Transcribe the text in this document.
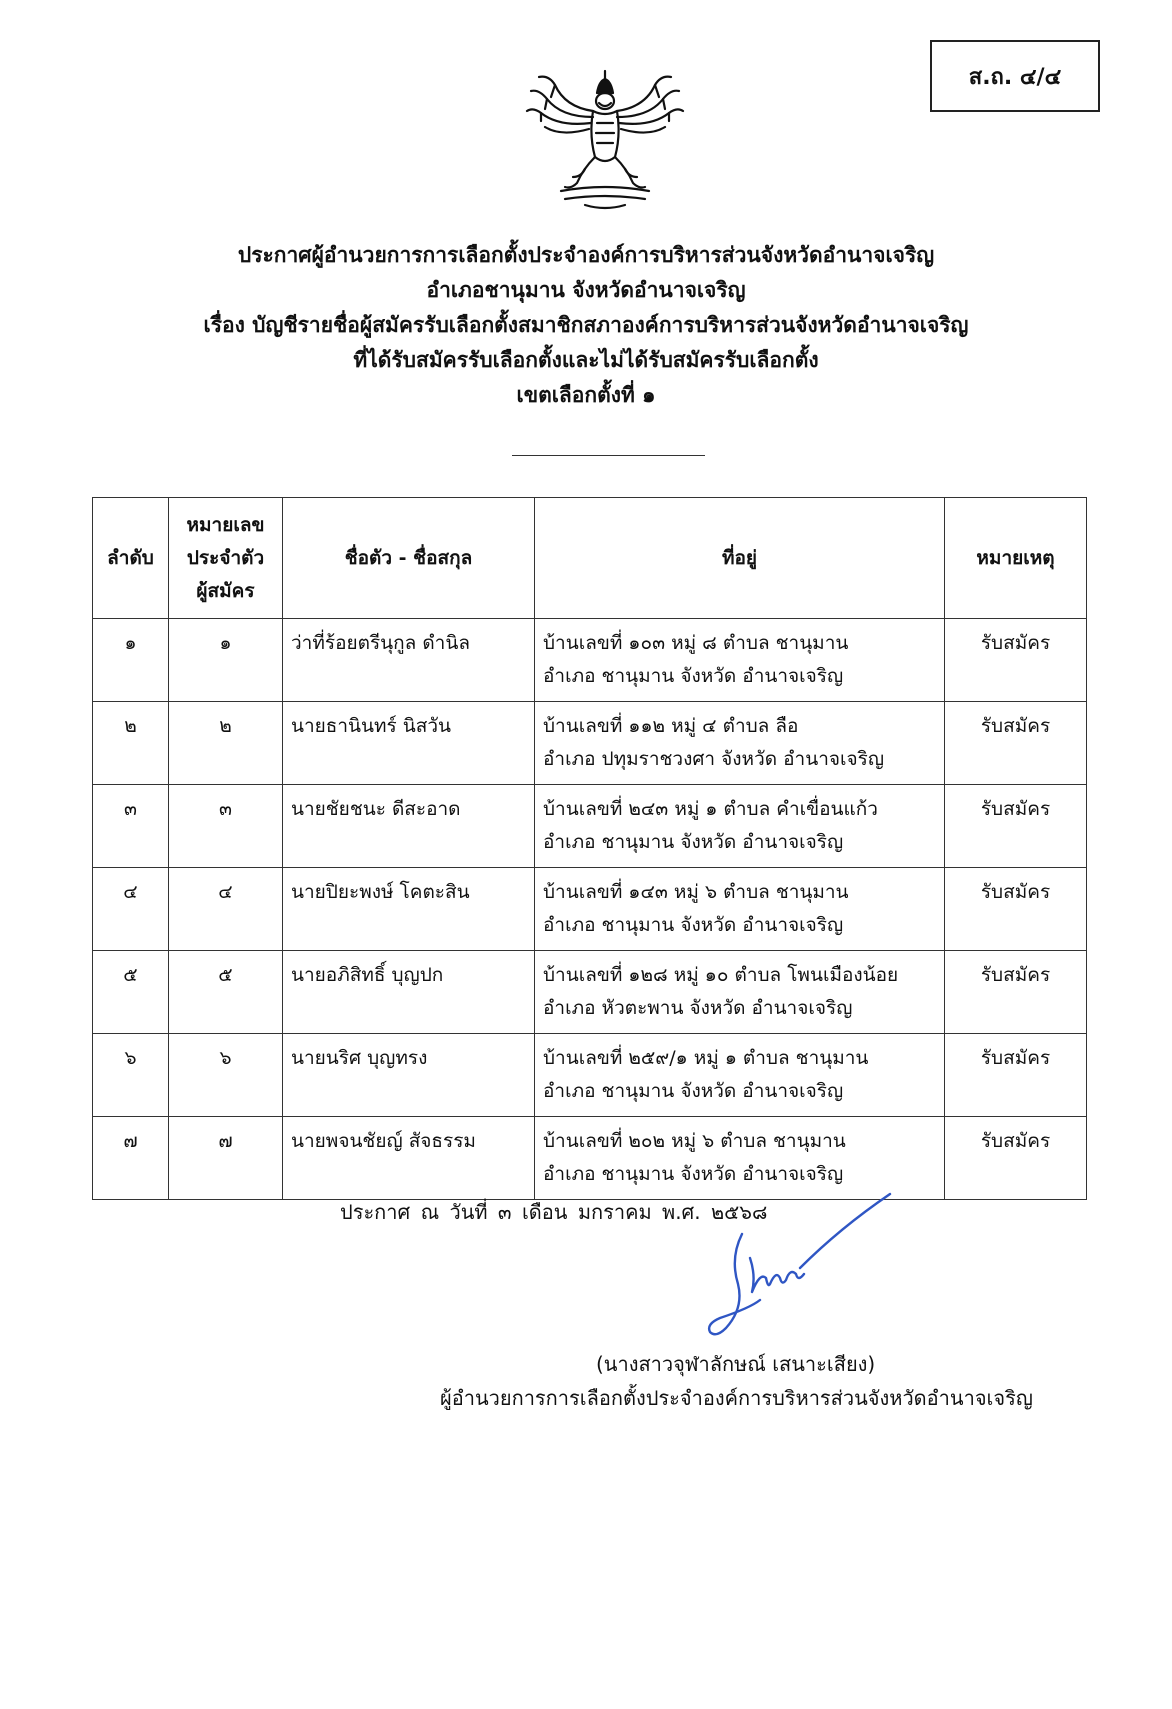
ส.ถ. ๔/๔
ประกาศผู้อำนวยการการเลือกตั้งประจำองค์การบริหารส่วนจังหวัดอำนาจเจริญ
อำเภอชานุมาน จังหวัดอำนาจเจริญ
เรื่อง บัญชีรายชื่อผู้สมัครรับเลือกตั้งสมาชิกสภาองค์การบริหารส่วนจังหวัดอำนาจเจริญ
ที่ได้รับสมัครรับเลือกตั้งและไม่ได้รับสมัครรับเลือกตั้ง
เขตเลือกตั้งที่ ๑
ลำดับ	หมายเลข
ประจำตัว
ผู้สมัคร	ชื่อตัว - ชื่อสกุล	ที่อยู่	หมายเหตุ
๑	๑	ว่าที่ร้อยตรีนุกูล ดำนิล	บ้านเลขที่ ๑๐๓ หมู่ ๘ ตำบล ชานุมาน
อำเภอ ชานุมาน จังหวัด อำนาจเจริญ	รับสมัคร
๒	๒	นายธานินทร์ นิสวัน	บ้านเลขที่ ๑๑๒ หมู่ ๔ ตำบล ลือ
อำเภอ ปทุมราชวงศา จังหวัด อำนาจเจริญ	รับสมัคร
๓	๓	นายชัยชนะ ดีสะอาด	บ้านเลขที่ ๒๔๓ หมู่ ๑ ตำบล คำเขื่อนแก้ว
อำเภอ ชานุมาน จังหวัด อำนาจเจริญ	รับสมัคร
๔	๔	นายปิยะพงษ์ โคตะสิน	บ้านเลขที่ ๑๔๓ หมู่ ๖ ตำบล ชานุมาน
อำเภอ ชานุมาน จังหวัด อำนาจเจริญ	รับสมัคร
๕	๕	นายอภิสิทธิ์ บุญปก	บ้านเลขที่ ๑๒๘ หมู่ ๑๐ ตำบล โพนเมืองน้อย
อำเภอ หัวตะพาน จังหวัด อำนาจเจริญ	รับสมัคร
๖	๖	นายนริศ บุญทรง	บ้านเลขที่ ๒๕๙/๑ หมู่ ๑ ตำบล ชานุมาน
อำเภอ ชานุมาน จังหวัด อำนาจเจริญ	รับสมัคร
๗	๗	นายพจนชัยญ์ สัจธรรม	บ้านเลขที่ ๒๐๒ หมู่ ๖ ตำบล ชานุมาน
อำเภอ ชานุมาน จังหวัด อำนาจเจริญ	รับสมัคร
ประกาศ ณ วันที่ ๓ เดือน มกราคม พ.ศ. ๒๕๖๘
(นางสาวจุฬาลักษณ์ เสนาะเสียง)
ผู้อำนวยการการเลือกตั้งประจำองค์การบริหารส่วนจังหวัดอำนาจเจริญ
